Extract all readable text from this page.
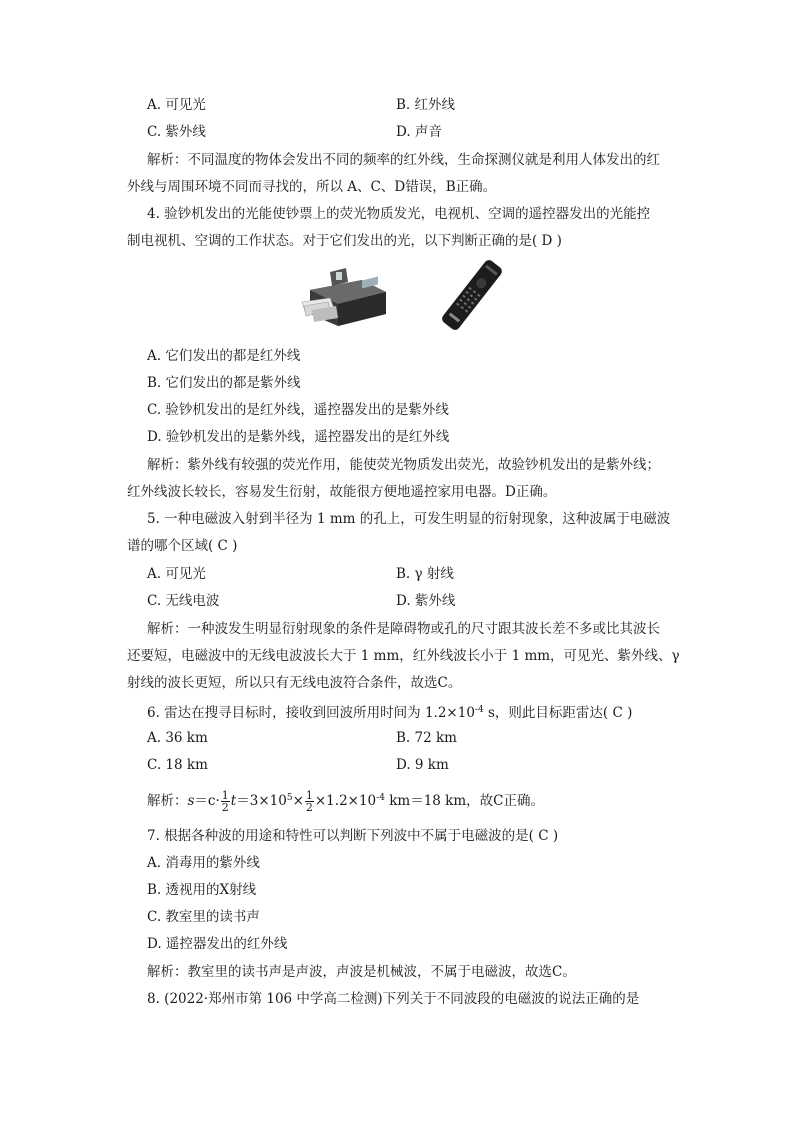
A. 可见光	B. 红外线
C. 紫外线	D. 声音
解析：不同温度的物体会发出不同的频率的红外线，生命探测仪就是利用人体发出的红
外线与周围环境不同而寻找的，所以 A、C、D错误，B正确。
4. 验钞机发出的光能使钞票上的荧光物质发光，电视机、空调的遥控器发出的光能控
制电视机、空调的工作状态。对于它们发出的光，以下判断正确的是( D )
A. 它们发出的都是红外线
B. 它们发出的都是紫外线
C. 验钞机发出的是红外线，遥控器发出的是紫外线
D. 验钞机发出的是紫外线，遥控器发出的是红外线
解析：紫外线有较强的荧光作用，能使荧光物质发出荧光，故验钞机发出的是紫外线；
红外线波长较长，容易发生衍射，故能很方便地遥控家用电器。D正确。
5. 一种电磁波入射到半径为 1 mm 的孔上，可发生明显的衍射现象，这种波属于电磁波
谱的哪个区域( C )
A. 可见光	B. γ 射线
C. 无线电波	D. 紫外线
解析：一种波发生明显衍射现象的条件是障碍物或孔的尺寸跟其波长差不多或比其波长
还要短，电磁波中的无线电波波长大于 1 mm，红外线波长小于 1 mm，可见光、紫外线、γ
射线的波长更短，所以只有无线电波符合条件，故选C。
6. 雷达在搜寻目标时，接收到回波所用时间为 $1.2\times 10^{-4}$ s，则此目标距雷达( C )
A. 36 km	B. 72 km
C. 18 km	D. 9 km
解析：$s=c\cdot \frac{1}{2} t=3\times 10^5\times \frac{1}{2} \times 1.2\times 10^{-4}$ km＝18 km，故C正确。
7. 根据各种波的用途和特性可以判断下列波中不属于电磁波的是( C )
A. 消毒用的紫外线
B. 透视用的X射线
C. 教室里的读书声
D. 遥控器发出的红外线
解析：教室里的读书声是声波，声波是机械波，不属于电磁波，故选C。
8. (2022·郑州市第 106 中学高二检测)下列关于不同波段的电磁波的说法正确的是
